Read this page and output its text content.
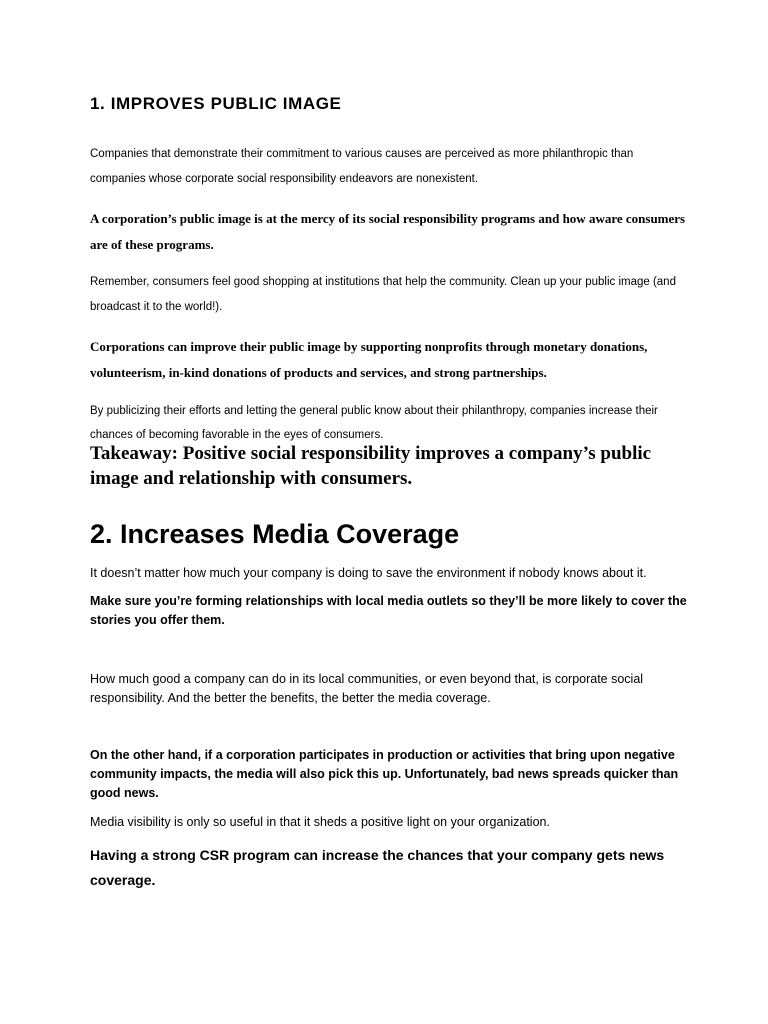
1. IMPROVES PUBLIC IMAGE

Companies that demonstrate their commitment to various causes are perceived as more philanthropic than companies whose corporate social responsibility endeavors are nonexistent.

A corporation’s public image is at the mercy of its social responsibility programs and how aware consumers are of these programs.

Remember, consumers feel good shopping at institutions that help the community. Clean up your public image (and broadcast it to the world!).

Corporations can improve their public image by supporting nonprofits through monetary donations, volunteerism, in-kind donations of products and services, and strong partnerships.

By publicizing their efforts and letting the general public know about their philanthropy, companies increase their chances of becoming favorable in the eyes of consumers.

Takeaway: Positive social responsibility improves a company’s public image and relationship with consumers.

2. Increases Media Coverage

It doesn’t matter how much your company is doing to save the environment if nobody knows about it.

Make sure you’re forming relationships with local media outlets so they’ll be more likely to cover the stories you offer them.

How much good a company can do in its local communities, or even beyond that, is corporate social responsibility. And the better the benefits, the better the media coverage.

On the other hand, if a corporation participates in production or activities that bring upon negative community impacts, the media will also pick this up. Unfortunately, bad news spreads quicker than good news.

Media visibility is only so useful in that it sheds a positive light on your organization.

Having a strong CSR program can increase the chances that your company gets news coverage.
